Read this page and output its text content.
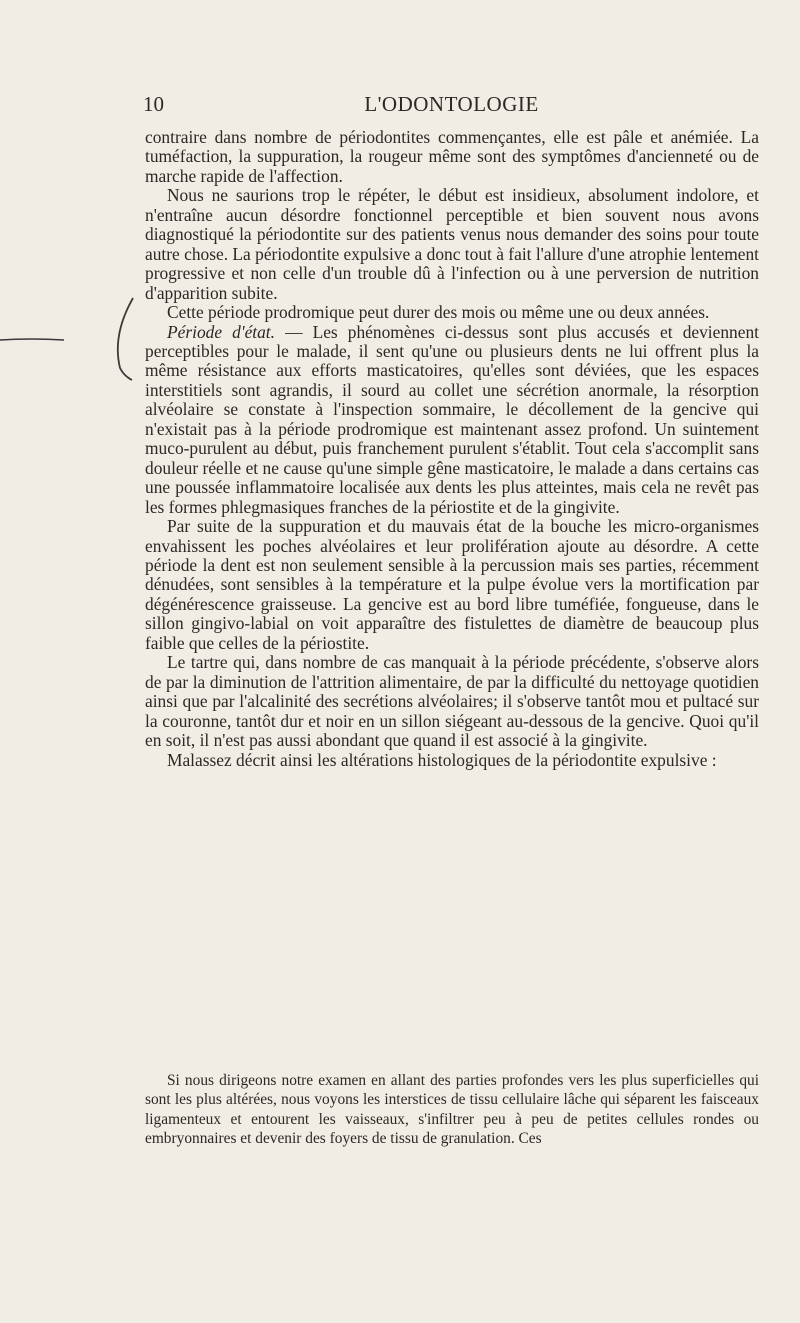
10	L'ODONTOLOGIE

contraire dans nombre de périodontites commençantes, elle est pâle et anémiée. La tuméfaction, la suppuration, la rougeur même sont des symptômes d'ancienneté ou de marche rapide de l'affection.

Nous ne saurions trop le répéter, le début est insidieux, absolument indolore, et n'entraîne aucun désordre fonctionnel perceptible et bien souvent nous avons diagnostiqué la périodontite sur des patients venus nous demander des soins pour toute autre chose. La périodontite expulsive a donc tout à fait l'allure d'une atrophie lentement progressive et non celle d'un trouble dû à l'infection ou à une perversion de nutrition d'apparition subite.

Cette période prodromique peut durer des mois ou même une ou deux années.

Période d'état. — Les phénomènes ci-dessus sont plus accusés et deviennent perceptibles pour le malade, il sent qu'une ou plusieurs dents ne lui offrent plus la même résistance aux efforts masticatoires, qu'elles sont déviées, que les espaces interstitiels sont agrandis, il sourd au collet une sécrétion anormale, la résorption alvéolaire se constate à l'inspection sommaire, le décollement de la gencive qui n'existait pas à la période prodromique est maintenant assez profond. Un suintement muco-purulent au début, puis franchement purulent s'établit. Tout cela s'accomplit sans douleur réelle et ne cause qu'une simple gêne masticatoire, le malade a dans certains cas une poussée inflammatoire localisée aux dents les plus atteintes, mais cela ne revêt pas les formes phlegmasiques franches de la périostite et de la gingivite.

Par suite de la suppuration et du mauvais état de la bouche les micro-organismes envahissent les poches alvéolaires et leur prolifération ajoute au désordre. A cette période la dent est non seulement sensible à la percussion mais ses parties, récemment dénudées, sont sensibles à la température et la pulpe évolue vers la mortification par dégénérescence graisseuse. La gencive est au bord libre tuméfiée, fongueuse, dans le sillon gingivo-labial on voit apparaître des fistulettes de diamètre de beaucoup plus faible que celles de la périostite.

Le tartre qui, dans nombre de cas manquait à la période précédente, s'observe alors de par la diminution de l'attrition alimentaire, de par la difficulté du nettoyage quotidien ainsi que par l'alcalinité des secrétions alvéolaires; il s'observe tantôt mou et pultacé sur la couronne, tantôt dur et noir en un sillon siégeant au-dessous de la gencive. Quoi qu'il en soit, il n'est pas aussi abondant que quand il est associé à la gingivite.

Malassez décrit ainsi les altérations histologiques de la périodontite expulsive :

Si nous dirigeons notre examen en allant des parties profondes vers les plus superficielles qui sont les plus altérées, nous voyons les interstices de tissu cellulaire lâche qui séparent les faisceaux ligamenteux et entourent les vaisseaux, s'infiltrer peu à peu de petites cellules rondes ou embryonnaires et devenir des foyers de tissu de granulation. Ces
